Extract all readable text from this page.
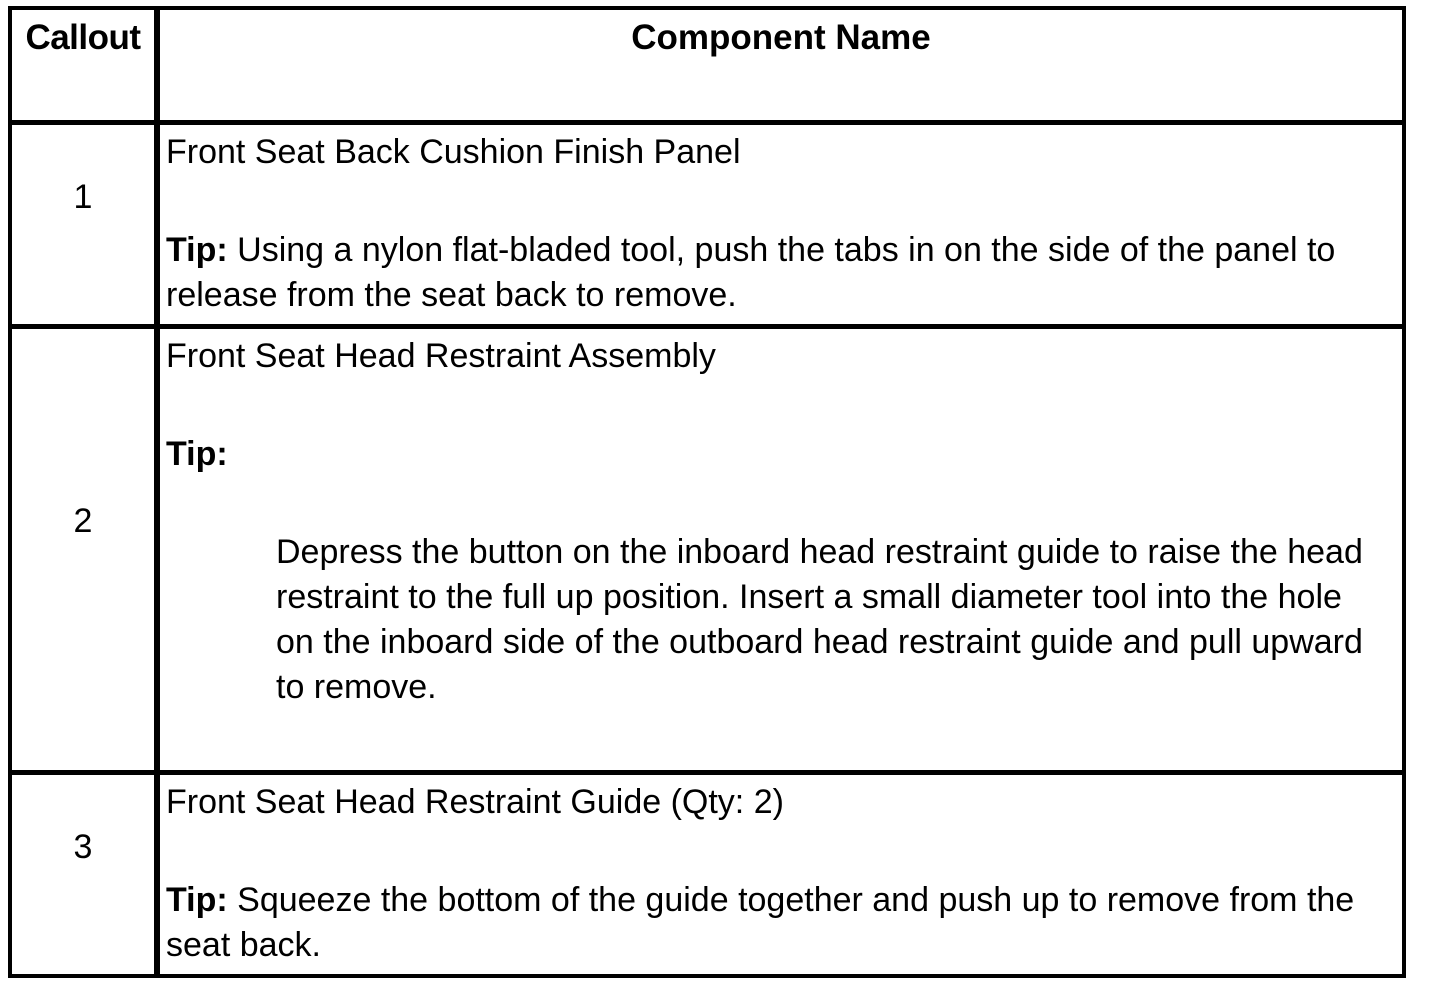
Callout	Component Name
1
Front Seat Back Cushion Finish Panel
Tip: Using a nylon flat-bladed tool, push the tabs in on the side of the panel to release from the seat back to remove.
2
Front Seat Head Restraint Assembly
Tip:
Depress the button on the inboard head restraint guide to raise the head restraint to the full up position. Insert a small diameter tool into the hole on the inboard side of the outboard head restraint guide and pull upward to remove.
3
Front Seat Head Restraint Guide (Qty: 2)
Tip: Squeeze the bottom of the guide together and push up to remove from the seat back.
